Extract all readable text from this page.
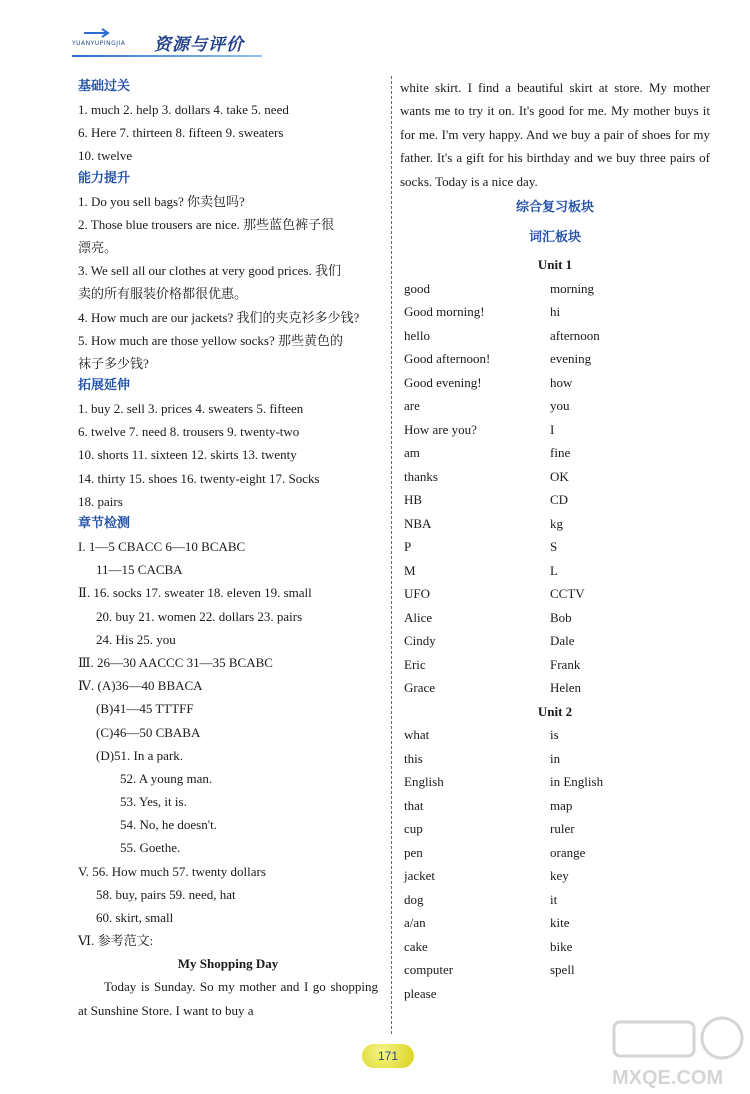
YUANYUPINGJIA 资源与评价
基础过关
1. much 2. help 3. dollars 4. take 5. need
6. Here 7. thirteen 8. fifteen 9. sweaters
10. twelve
能力提升
1. Do you sell bags? 你卖包吗?
2. Those blue trousers are nice. 那些蓝色裤子很
漂亮。
3. We sell all our clothes at very good prices. 我们
卖的所有服装价格都很优惠。
4. How much are our jackets? 我们的夹克衫多少钱?
5. How much are those yellow socks? 那些黄色的
袜子多少钱?
拓展延伸
1. buy 2. sell 3. prices 4. sweaters 5. fifteen
6. twelve 7. need 8. trousers 9. twenty-two
10. shorts 11. sixteen 12. skirts 13. twenty
14. thirty 15. shoes 16. twenty-eight 17. Socks
18. pairs
章节检测
I. 1—5 CBACC 6—10 BCABC
11—15 CACBA
Ⅱ. 16. socks 17. sweater 18. eleven 19. small
20. buy 21. women 22. dollars 23. pairs
24. His 25. you
Ⅲ. 26—30 AACCC 31—35 BCABC
Ⅳ. (A)36—40 BBACA
(B)41—45 TTTFF
(C)46—50 CBABA
(D)51. In a park.
52. A young man.
53. Yes, it is.
54. No, he doesn't.
55. Goethe.
V. 56. How much 57. twenty dollars
58. buy, pairs 59. need, hat
60. skirt, small
Ⅵ. 参考范文:
My Shopping Day
Today is Sunday. So my mother and I go shopping at Sunshine Store. I want to buy a
white skirt. I find a beautiful skirt at store. My mother wants me to try it on. It's good for me. My mother buys it for me. I'm very happy. And we buy a pair of shoes for my father. It's a gift for his birthday and we buy three pairs of socks. Today is a nice day.
综合复习板块
词汇板块
Unit 1
good	morning
Good morning!	hi
hello	afternoon
Good afternoon!	evening
Good evening!	how
are	you
How are you?	I
am	fine
thanks	OK
HB	CD
NBA	kg
P	S
M	L
UFO	CCTV
Alice	Bob
Cindy	Dale
Eric	Frank
Grace	Helen
Unit 2
what	is
this	in
English	in English
that	map
cup	ruler
pen	orange
jacket	key
dog	it
a/an	kite
cake	bike
computer	spell
please
171
MXQE.COM
